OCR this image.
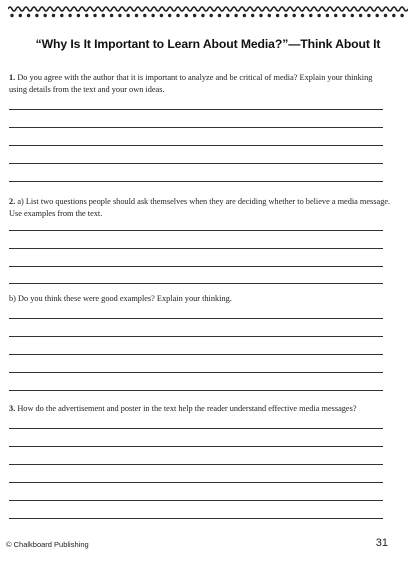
“Why Is It Important to Learn About Media?”—Think About It
1. Do you agree with the author that it is important to analyze and be critical of media? Explain your thinking using details from the text and your own ideas.
2. a) List two questions people should ask themselves when they are deciding whether to believe a media message. Use examples from the text.
b) Do you think these were good examples? Explain your thinking.
3. How do the advertisement and poster in the text help the reader understand effective media messages?
© Chalkboard Publishing	31
